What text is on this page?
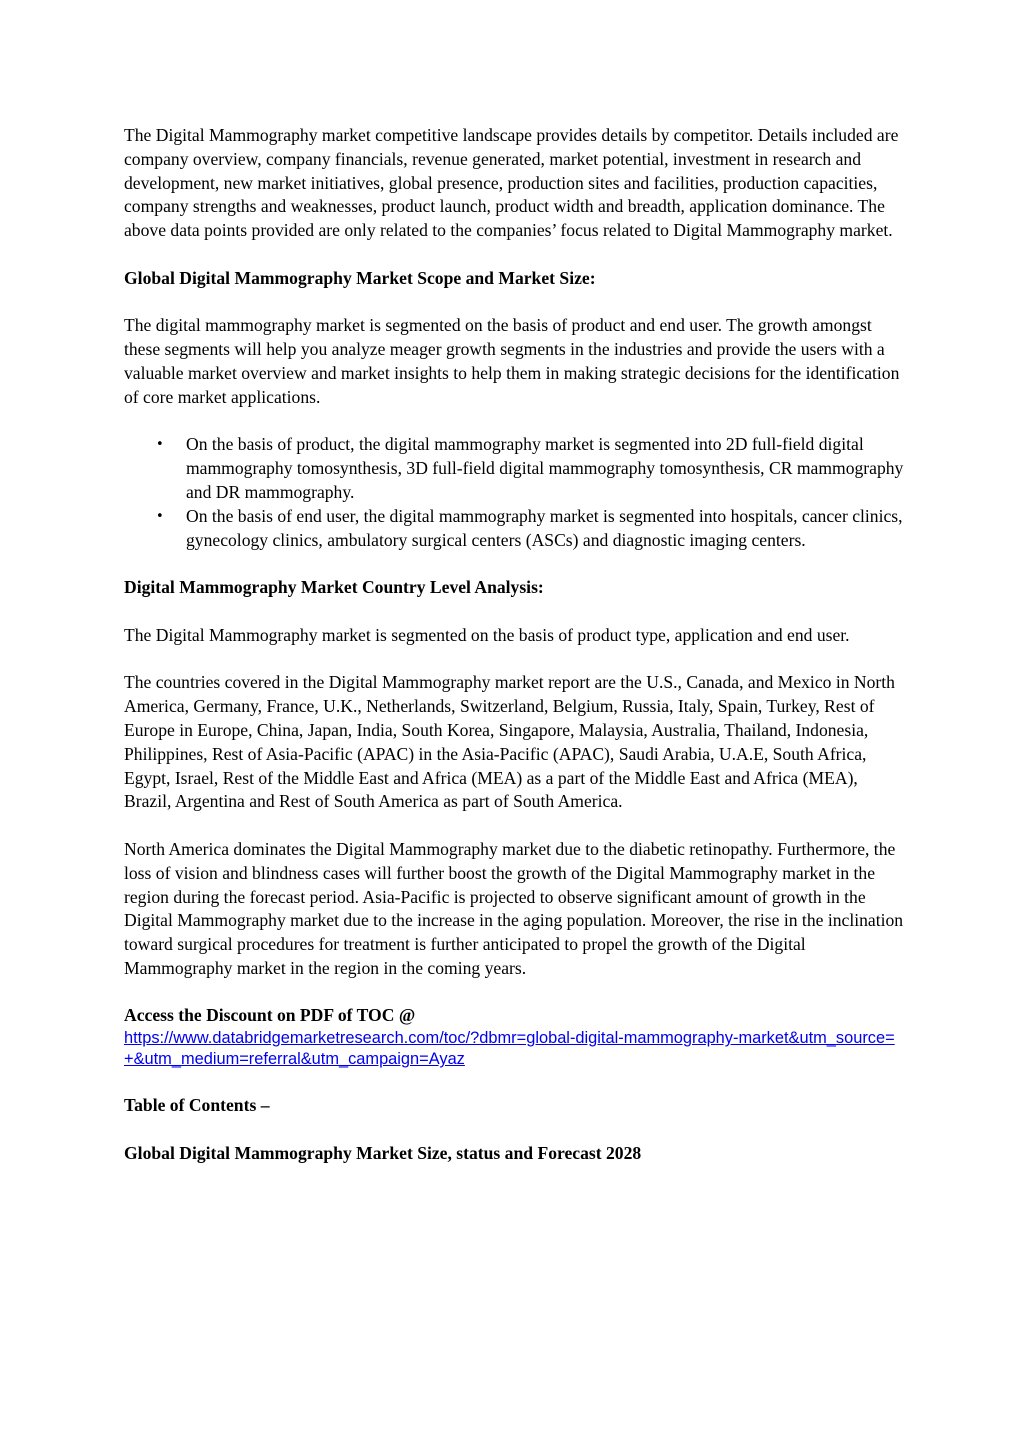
The Digital Mammography market competitive landscape provides details by competitor. Details included are company overview, company financials, revenue generated, market potential, investment in research and development, new market initiatives, global presence, production sites and facilities, production capacities, company strengths and weaknesses, product launch, product width and breadth, application dominance. The above data points provided are only related to the companies’ focus related to Digital Mammography market.

Global Digital Mammography Market Scope and Market Size:

The digital mammography market is segmented on the basis of product and end user. The growth amongst these segments will help you analyze meager growth segments in the industries and provide the users with a valuable market overview and market insights to help them in making strategic decisions for the identification of core market applications.

• On the basis of product, the digital mammography market is segmented into 2D full-field digital mammography tomosynthesis, 3D full-field digital mammography tomosynthesis, CR mammography and DR mammography.
• On the basis of end user, the digital mammography market is segmented into hospitals, cancer clinics, gynecology clinics, ambulatory surgical centers (ASCs) and diagnostic imaging centers.

Digital Mammography Market Country Level Analysis:

The Digital Mammography market is segmented on the basis of product type, application and end user.

The countries covered in the Digital Mammography market report are the U.S., Canada, and Mexico in North America, Germany, France, U.K., Netherlands, Switzerland, Belgium, Russia, Italy, Spain, Turkey, Rest of Europe in Europe, China, Japan, India, South Korea, Singapore, Malaysia, Australia, Thailand, Indonesia, Philippines, Rest of Asia-Pacific (APAC) in the Asia-Pacific (APAC), Saudi Arabia, U.A.E, South Africa, Egypt, Israel, Rest of the Middle East and Africa (MEA) as a part of the Middle East and Africa (MEA), Brazil, Argentina and Rest of South America as part of South America.

North America dominates the Digital Mammography market due to the diabetic retinopathy. Furthermore, the loss of vision and blindness cases will further boost the growth of the Digital Mammography market in the region during the forecast period. Asia-Pacific is projected to observe significant amount of growth in the Digital Mammography market due to the increase in the aging population. Moreover, the rise in the inclination toward surgical procedures for treatment is further anticipated to propel the growth of the Digital Mammography market in the region in the coming years.

Access the Discount on PDF of TOC @

https://www.databridgemarketresearch.com/toc/?dbmr=global-digital-mammography-market&utm_source=+&utm_medium=referral&utm_campaign=Ayaz

Table of Contents –

Global Digital Mammography Market Size, status and Forecast 2028
